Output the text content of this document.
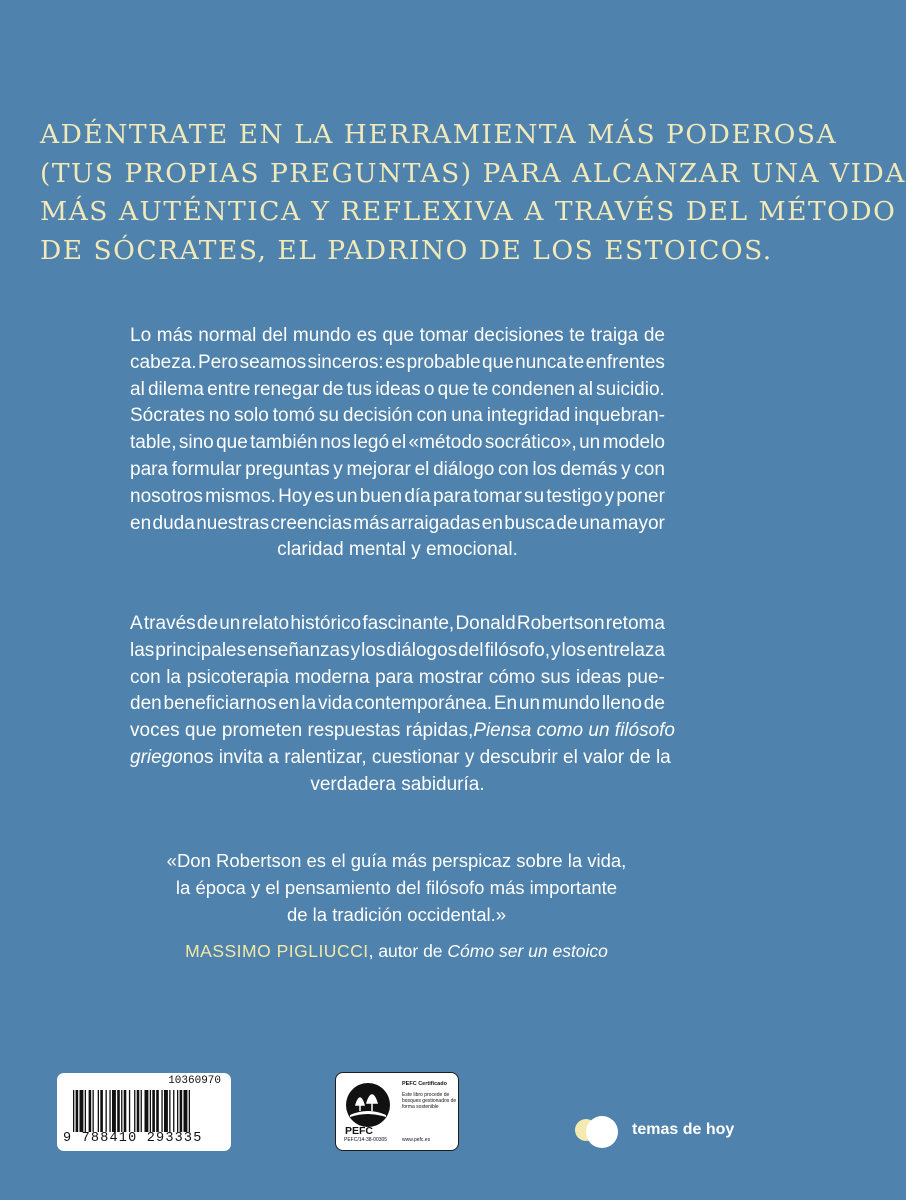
ADÉNTRATE EN LA HERRAMIENTA MÁS PODEROSA
(TUS PROPIAS PREGUNTAS) PARA ALCANZAR UNA VIDA
MÁS AUTÉNTICA Y REFLEXIVA A TRAVÉS DEL MÉTODO
DE SÓCRATES, EL PADRINO DE LOS ESTOICOS.
Lo más normal del mundo es que tomar decisiones te traiga de
cabeza. Pero seamos sinceros: es probable que nunca te enfrentes
al dilema entre renegar de tus ideas o que te condenen al suicidio.
Sócrates no solo tomó su decisión con una integridad inquebran-
table, sino que también nos legó el «método socrático», un modelo
para formular preguntas y mejorar el diálogo con los demás y con
nosotros mismos. Hoy es un buen día para tomar su testigo y poner
en duda nuestras creencias más arraigadas en busca de una mayor
claridad mental y emocional.
A través de un relato histórico fascinante, Donald Robertson retoma
las principales enseñanzas y los diálogos del filósofo, y los entrelaza
con la psicoterapia moderna para mostrar cómo sus ideas pue-
den beneficiarnos en la vida contemporánea. En un mundo lleno de
voces que prometen respuestas rápidas, Piensa como un filósofo
griego nos invita a ralentizar, cuestionar y descubrir el valor de la
verdadera sabiduría.
«Don Robertson es el guía más perspicaz sobre la vida,
la época y el pensamiento del filósofo más importante
de la tradición occidental.»
MASSIMO PIGLIUCCI, autor de Cómo ser un estoico
10360970
9 788410 293335	PEFC
PEFC/14-38-00305
PEFC Certificado
Este libro procede de bosques gestionados de forma sostenible
www.pefc.es
temas de hoy
